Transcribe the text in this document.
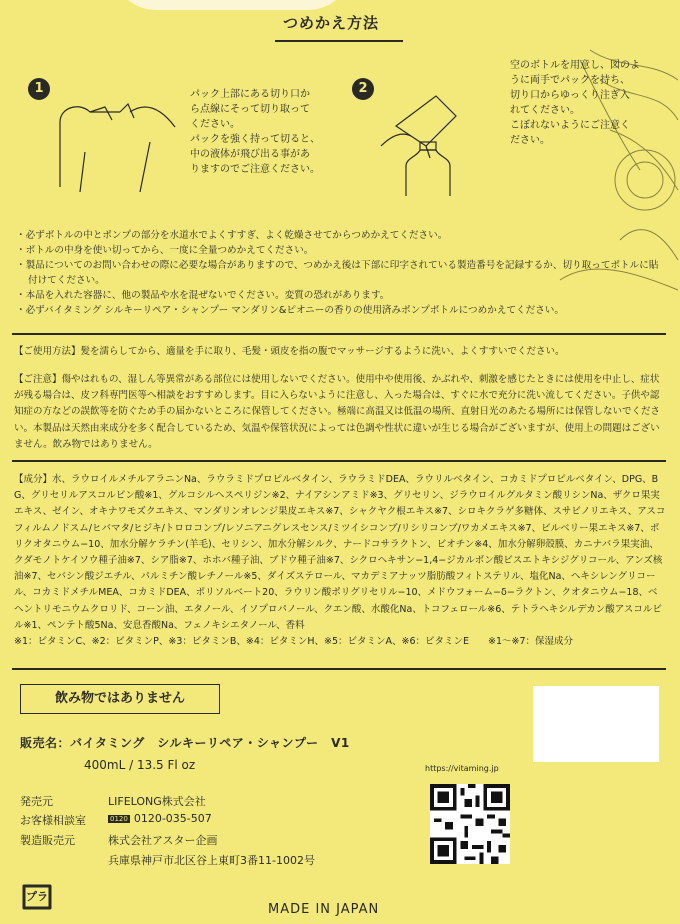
つめかえ方法
1	パック上部にある切り口か
ら点線にそって切り取って
ください。
パックを強く持って切ると、
中の液体が飛び出る事があ
りますのでご注意ください。
2
空のボトルを用意し、図のよ
うに両手でパックを持ち、
切り口からゆっくり注ぎ入
れてください。
こぼれないようにご注意く
ださい。
・必ずボトルの中とポンプの部分を水道水でよくすすぎ、よく乾燥させてからつめかえてください。
・ボトルの中身を使い切ってから、一度に全量つめかえてください。
・製品についてのお問い合わせの際に必要な場合がありますので、つめかえ後は下部に印字されている製造番号を記録するか、切り取ってボトルに貼付けてください。
・本品を入れた容器に、他の製品や水を混ぜないでください。変質の恐れがあります。
・必ずバイタミング シルキーリペア・シャンプー マンダリン&ピオニーの香りの使用済みポンプボトルにつめかえてください。
【ご使用方法】髪を濡らしてから、適量を手に取り、毛髪・頭皮を指の腹でマッサージするように洗い、よくすすいでください。
【ご注意】傷やはれもの、湿しん等異常がある部位には使用しないでください。使用中や使用後、かぶれや、刺激を感じたときには使用を中止し、症状が残る場合は、皮フ科専門医等へ相談をおすすめします。目に入らないように注意し、入った場合は、すぐに水で充分に洗い流してください。子供や認知症の方などの誤飲等を防ぐため手の届かないところに保管してください。極端に高温又は低温の場所、直射日光のあたる場所には保管しないでください。本製品は天然由来成分を多く配合しているため、気温や保管状況によっては色調や性状に違いが生じる場合がございますが、使用上の問題はございません。飲み物ではありません。
【成分】水、ラウロイルメチルアラニンNa、ラウラミドプロピルベタイン、ラウラミドDEA、ラウリルベタイン、コカミドプロピルベタイン、DPG、BG、グリセリルアスコルビン酸※1、グルコシルヘスペリジン※2、ナイアシンアミド※3、グリセリン、ジラウロイルグルタミン酸リシンNa、ザクロ果実エキス、ゼイン、オキナワモズクエキス、マンダリンオレンジ果皮エキス※7、シャクヤク根エキス※7、シロキクラゲ多糖体、スサビノリエキス、アスコフィルムノドスム/ヒバマタ/ヒジキ/トロロコンブ/レソニアニグレスセンス/ミツイシコンブ/リシリコンブ/ワカメエキス※7、ビルベリー果エキス※7、ポリクオタニウム−10、加水分解ケラチン(羊毛)、セリシン、加水分解シルク、ナードコサラクトン、ビオチン※4、加水分解卵殻膜、カニナバラ果実油、クダモノトケイソウ種子油※7、シア脂※7、ホホバ種子油、ブドウ種子油※7、シクロヘキサン−1,4−ジカルボン酸ビスエトキシジグリコール、アンズ核油※7、セバシン酸ジエチル、パルミチン酸レチノール※5、ダイズステロール、マカデミアナッツ脂肪酸フィトステリル、塩化Na、ヘキシレングリコール、コカミドメチルMEA、コカミドDEA、ポリソルベート20、ラウリン酸ポリグリセリル−10、メドウフォーム−δ−ラクトン、クオタニウム−18、ベヘントリモニウムクロリド、コーン油、エタノール、イソプロパノール、クエン酸、水酸化Na、トコフェロール※6、テトラヘキシルデカン酸アスコルビル※1、ペンテト酸5Na、安息香酸Na、フェノキシエタノール、香料
※1：ビタミンC、※2：ビタミンP、※3：ビタミンB、※4：ビタミンH、※5：ビタミンA、※6：ビタミンE　　※1〜※7：保湿成分
飲み物ではありません
販売名：バイタミング　シルキーリペア・シャンプー　V1
400mL / 13.5 Fl oz	https://vitaming.jp
発売元	LIFELONG株式会社
お客様相談室	0120 0120-035-507
製造販売元	株式会社アスター企画
兵庫県神戸市北区谷上東町3番11-1002号
プラ
MADE IN JAPAN
